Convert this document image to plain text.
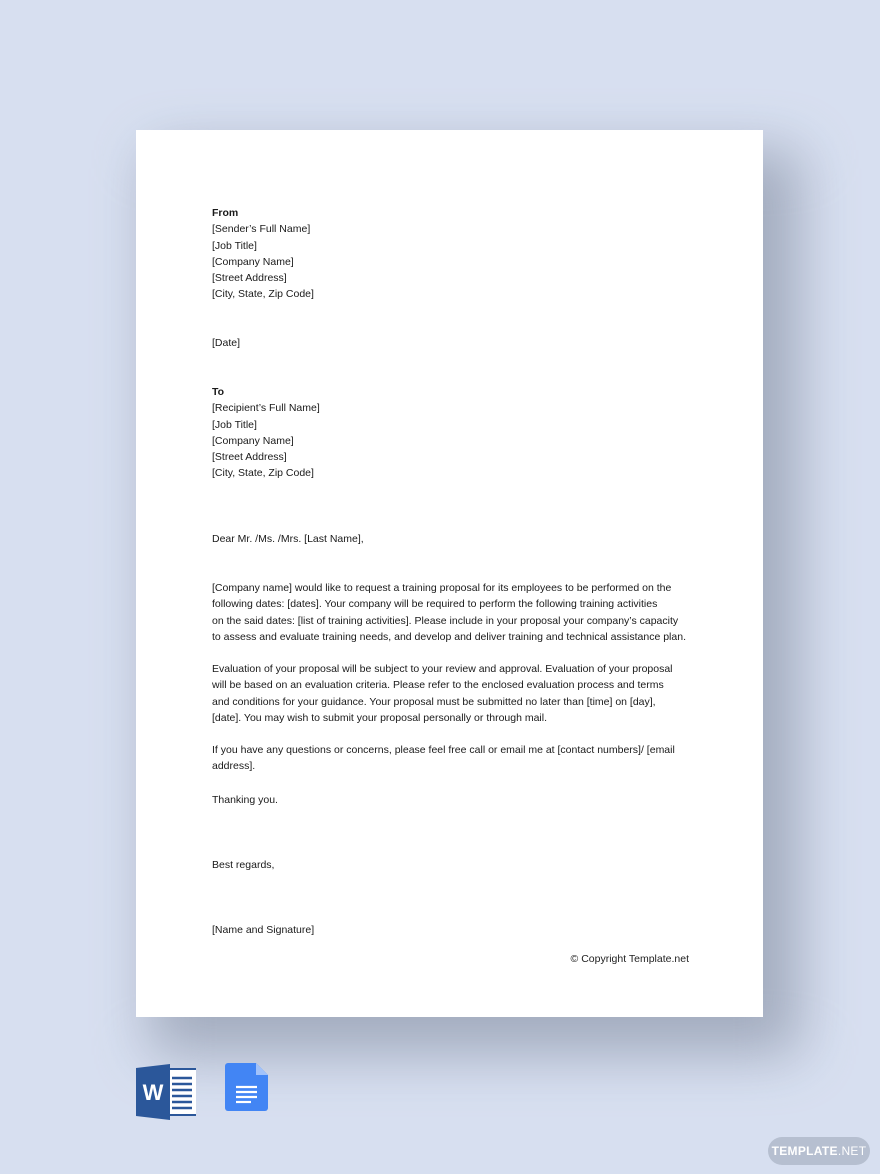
From
[Sender’s Full Name]
[Job Title]
[Company Name]
[Street Address]
[City, State, Zip Code]
[Date]
To
[Recipient’s Full Name]
[Job Title]
[Company Name]
[Street Address]
[City, State, Zip Code]
Dear Mr. /Ms. /Mrs. [Last Name],
[Company name] would like to request a training proposal for its employees to be performed on the
following dates: [dates]. Your company will be required to perform the following training activities
on the said dates: [list of training activities]. Please include in your proposal your company’s capacity
to assess and evaluate training needs, and develop and deliver training and technical assistance plan.
Evaluation of your proposal will be subject to your review and approval. Evaluation of your proposal
will be based on an evaluation criteria. Please refer to the enclosed evaluation process and terms
and conditions for your guidance. Your proposal must be submitted no later than [time] on [day],
[date]. You may wish to submit your proposal personally or through mail.
If you have any questions or concerns, please feel free call or email me at [contact numbers]/ [email
address].
Thanking you.
Best regards,
[Name and Signature]
© Copyright Template.net
W
TEMPLATE.NET
